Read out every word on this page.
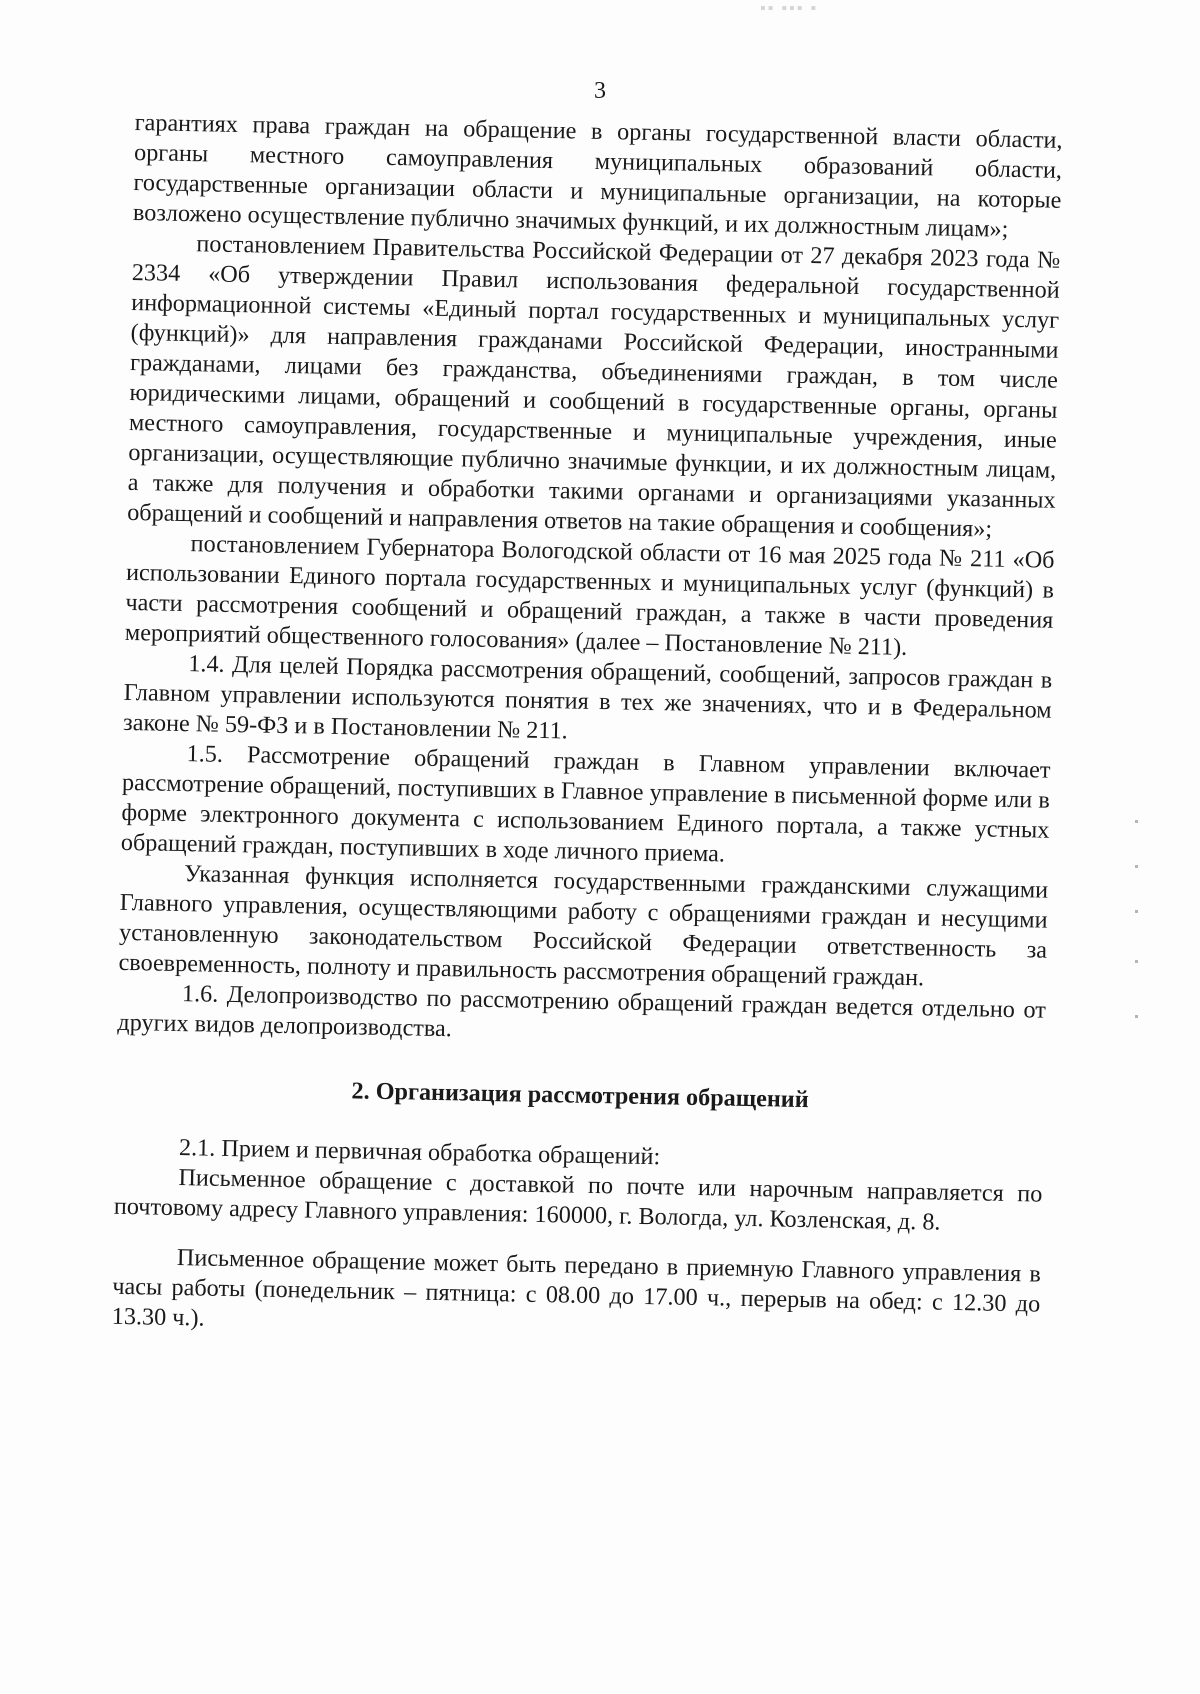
▪▪ ▪▪▪ ▪
3

гарантиях права граждан на обращение в органы государственной власти области, органы местного самоуправления муниципальных образований области, государственные организации области и муниципальные организации, на которые возложено осуществление публично значимых функций, и их должностным лицам»;

постановлением Правительства Российской Федерации от 27 декабря 2023 года № 2334 «Об утверждении Правил использования федеральной государственной информационной системы «Единый портал государственных и муниципальных услуг (функций)» для направления гражданами Российской Федерации, иностранными гражданами, лицами без гражданства, объединениями граждан, в том числе юридическими лицами, обращений и сообщений в государственные органы, органы местного самоуправления, государственные и муниципальные учреждения, иные организации, осуществляющие публично значимые функции, и их должностным лицам, а также для получения и обработки такими органами и организациями указанных обращений и сообщений и направления ответов на такие обращения и сообщения»;

постановлением Губернатора Вологодской области от 16 мая 2025 года № 211 «Об использовании Единого портала государственных и муниципальных услуг (функций) в части рассмотрения сообщений и обращений граждан, а также в части проведения мероприятий общественного голосования» (далее – Постановление № 211).

1.4. Для целей Порядка рассмотрения обращений, сообщений, запросов граждан в Главном управлении используются понятия в тех же значениях, что и в Федеральном законе № 59-ФЗ и в Постановлении № 211.

1.5. Рассмотрение обращений граждан в Главном управлении включает рассмотрение обращений, поступивших в Главное управление в письменной форме или в форме электронного документа с использованием Единого портала, а также устных обращений граждан, поступивших в ходе личного приема.

Указанная функция исполняется государственными гражданскими служащими Главного управления, осуществляющими работу с обращениями граждан и несущими установленную законодательством Российской Федерации ответственность за своевременность, полноту и правильность рассмотрения обращений граждан.

1.6. Делопроизводство по рассмотрению обращений граждан ведется отдельно от других видов делопроизводства.

2. Организация рассмотрения обращений

2.1. Прием и первичная обработка обращений:

Письменное обращение с доставкой по почте или нарочным направляется по почтовому адресу Главного управления: 160000, г. Вологда, ул. Козленская, д. 8.

Письменное обращение может быть передано в приемную Главного управления в часы работы (понедельник – пятница: с 08.00 до 17.00 ч., перерыв на обед: с 12.30 до 13.30 ч.).
